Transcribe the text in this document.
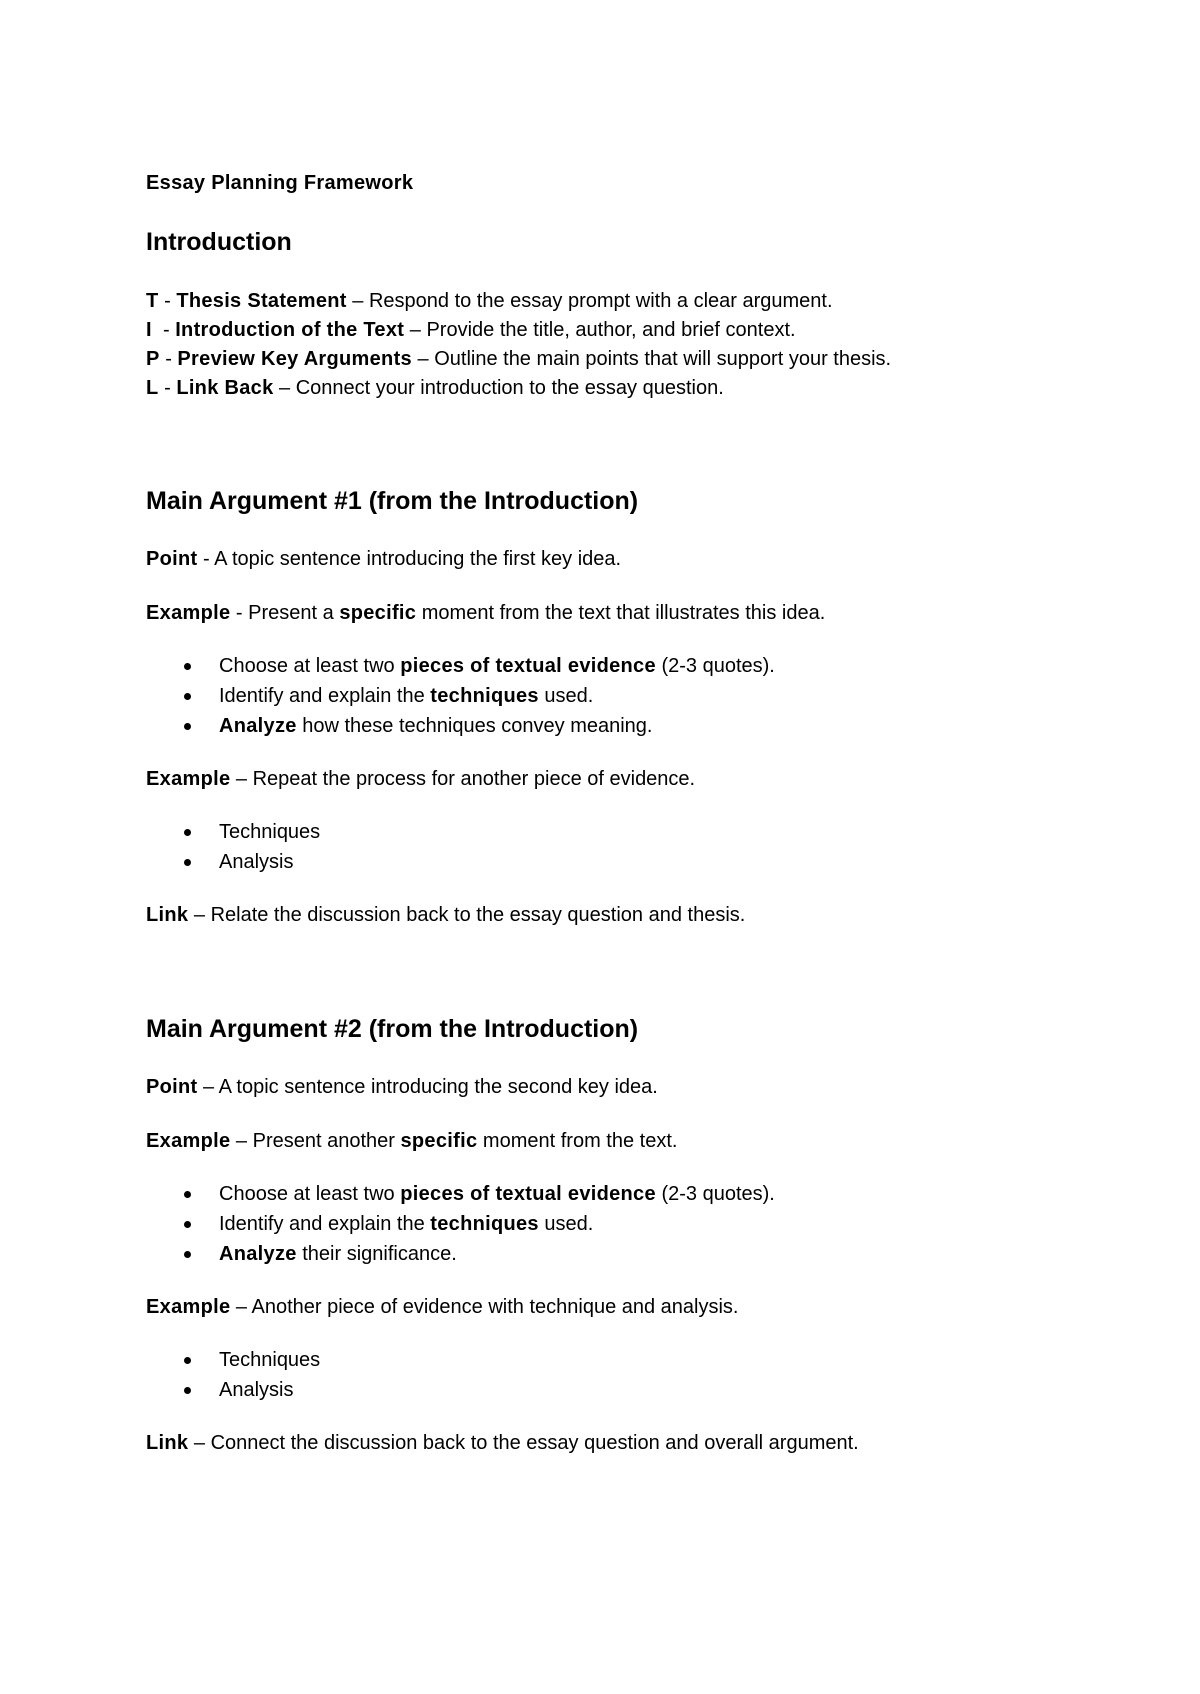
Essay Planning Framework
Introduction
T - Thesis Statement – Respond to the essay prompt with a clear argument.
I  - Introduction of the Text – Provide the title, author, and brief context.
P - Preview Key Arguments – Outline the main points that will support your thesis.
L - Link Back – Connect your introduction to the essay question.
Main Argument #1 (from the Introduction)
Point - A topic sentence introducing the first key idea.
Example - Present a specific moment from the text that illustrates this idea.
Choose at least two pieces of textual evidence (2-3 quotes).
Identify and explain the techniques used.
Analyze how these techniques convey meaning.
Example – Repeat the process for another piece of evidence.
Techniques
Analysis
Link – Relate the discussion back to the essay question and thesis.
Main Argument #2 (from the Introduction)
Point – A topic sentence introducing the second key idea.
Example – Present another specific moment from the text.
Choose at least two pieces of textual evidence (2-3 quotes).
Identify and explain the techniques used.
Analyze their significance.
Example – Another piece of evidence with technique and analysis.
Techniques
Analysis
Link – Connect the discussion back to the essay question and overall argument.
